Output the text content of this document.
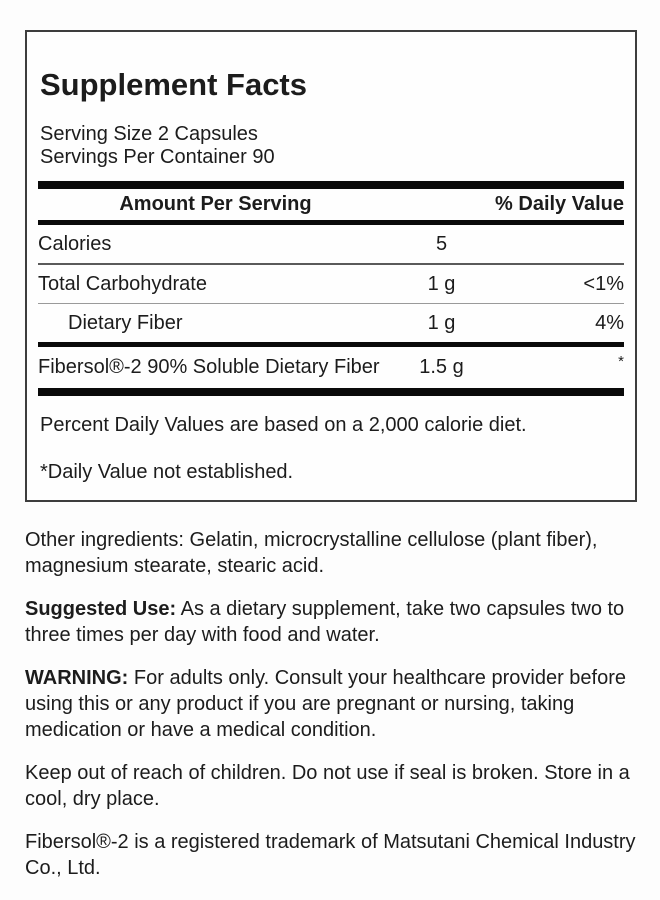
Supplement Facts
Serving Size 2 Capsules
Servings Per Container 90
Amount Per Serving	% Daily Value
Calories	5
Total Carbohydrate	1 g	<1%
Dietary Fiber	1 g	4%
Fibersol®-2 90% Soluble Dietary Fiber	1.5 g	*
Percent Daily Values are based on a 2,000 calorie diet.
*Daily Value not established.

Other ingredients: Gelatin, microcrystalline cellulose (plant fiber), magnesium stearate, stearic acid.

Suggested Use: As a dietary supplement, take two capsules two to three times per day with food and water.

WARNING: For adults only. Consult your healthcare provider before using this or any product if you are pregnant or nursing, taking medication or have a medical condition.

Keep out of reach of children. Do not use if seal is broken. Store in a cool, dry place.

Fibersol®-2 is a registered trademark of Matsutani Chemical Industry Co., Ltd.
